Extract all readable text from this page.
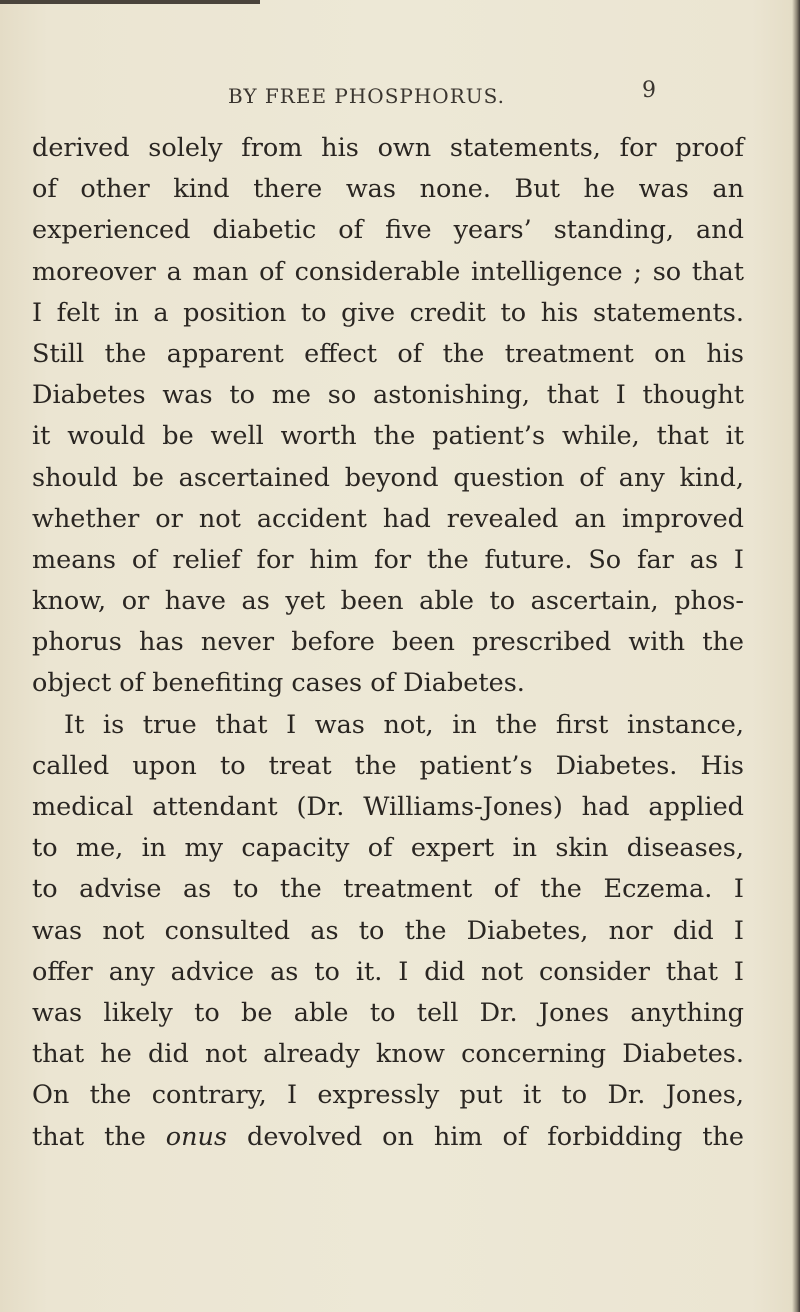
BY FREE PHOSPHORUS.	9
derived solely from his own statements, for proof
of other kind there was none. But he was an
experienced diabetic of five years’ standing, and
moreover a man of considerable intelligence ; so that
I felt in a position to give credit to his statements.
Still the apparent effect of the treatment on his
Diabetes was to me so astonishing, that I thought
it would be well worth the patient’s while, that it
should be ascertained beyond question of any kind,
whether or not accident had revealed an improved
means of relief for him for the future. So far as I
know, or have as yet been able to ascertain, phos-
phorus has never before been prescribed with the
object of benefiting cases of Diabetes.
It is true that I was not, in the first instance,
called upon to treat the patient’s Diabetes. His
medical attendant (Dr. Williams-Jones) had applied
to me, in my capacity of expert in skin diseases,
to advise as to the treatment of the Eczema. I
was not consulted as to the Diabetes, nor did I
offer any advice as to it. I did not consider that I
was likely to be able to tell Dr. Jones anything
that he did not already know concerning Diabetes.
On the contrary, I expressly put it to Dr. Jones,
that the onus devolved on him of forbidding the
